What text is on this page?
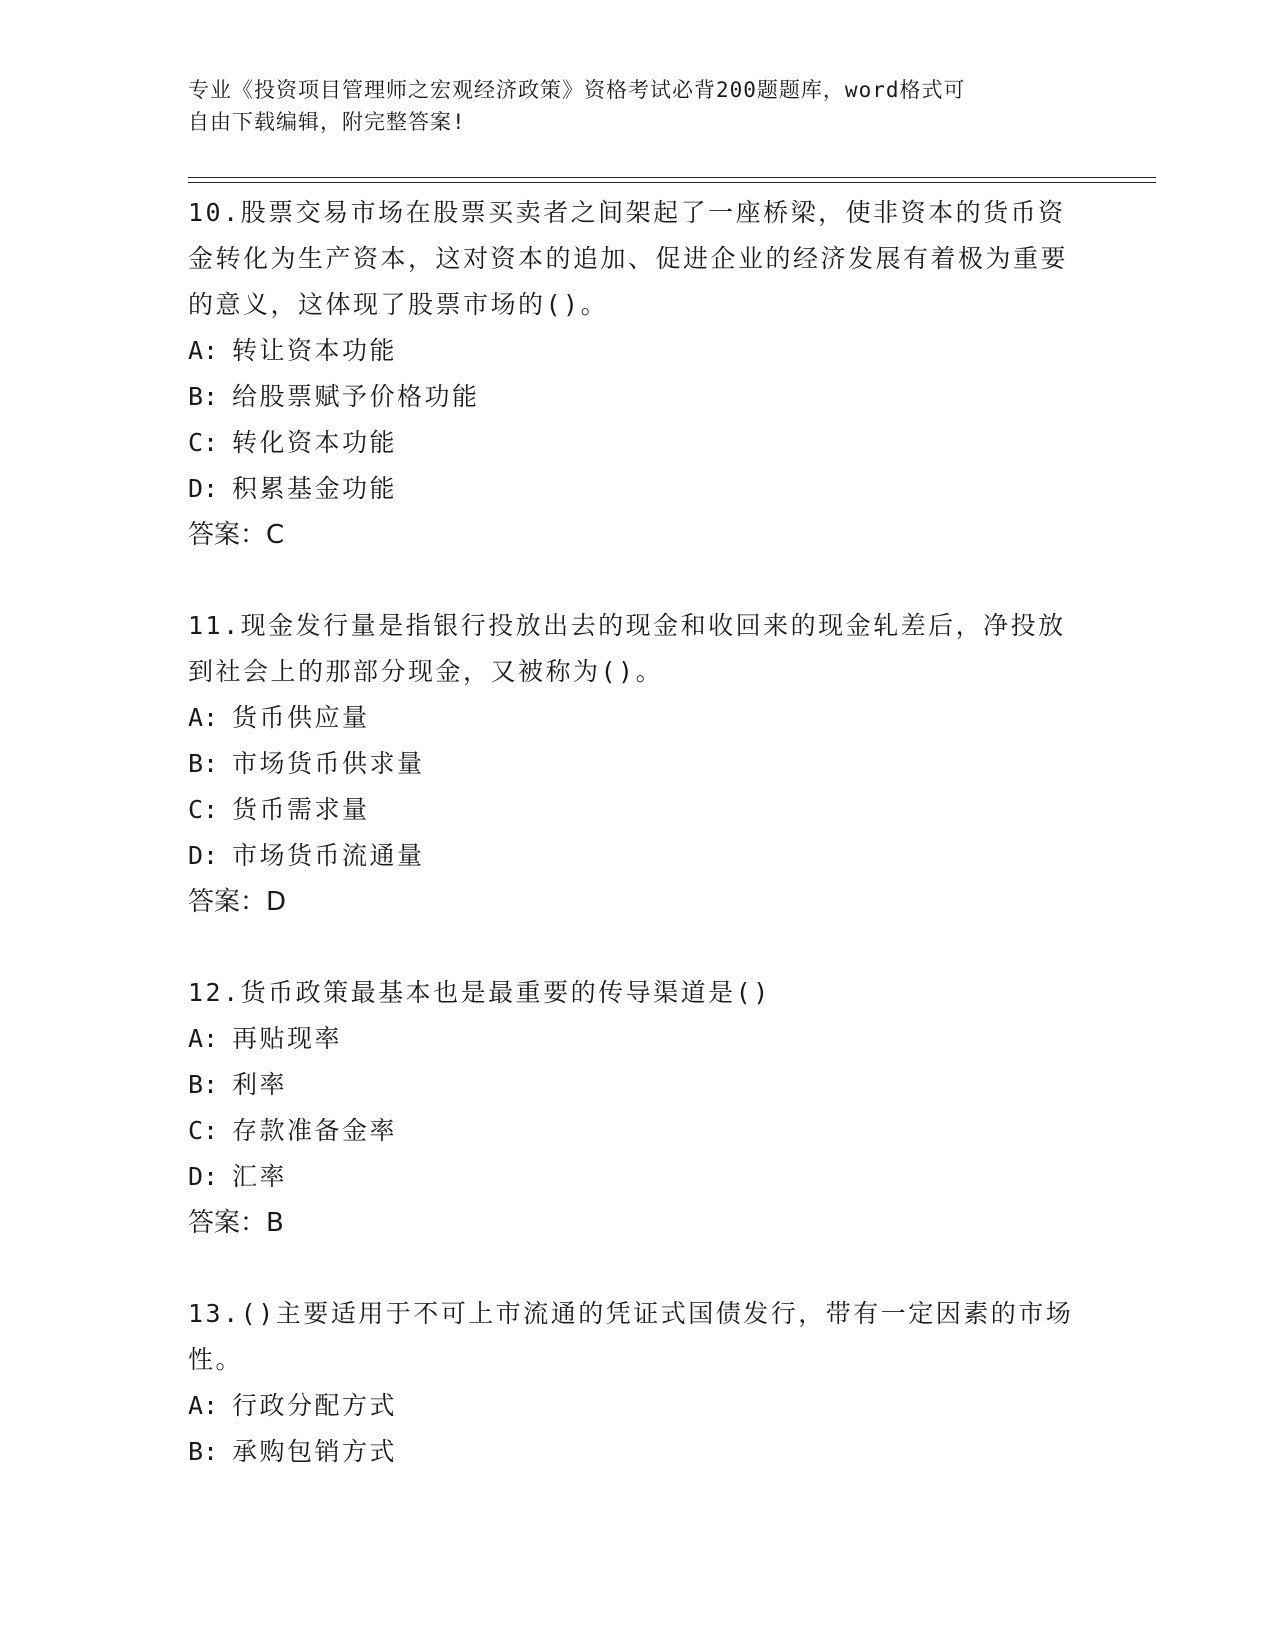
专业《投资项目管理师之宏观经济政策》资格考试必背200题题库，word格式可
自由下载编辑，附完整答案!

10.股票交易市场在股票买卖者之间架起了一座桥梁，使非资本的货币资金转化为生产资本，这对资本的追加、促进企业的经济发展有着极为重要的意义，这体现了股票市场的()。

A: 转让资本功能

B: 给股票赋予价格功能

C: 转化资本功能

D: 积累基金功能

答案：C

11.现金发行量是指银行投放出去的现金和收回来的现金轧差后，净投放到社会上的那部分现金，又被称为()。

A: 货币供应量

B: 市场货币供求量

C: 货币需求量

D: 市场货币流通量

答案：D

12.货币政策最基本也是最重要的传导渠道是()

A: 再贴现率

B: 利率

C: 存款准备金率

D: 汇率

答案：B

13.()主要适用于不可上市流通的凭证式国债发行，带有一定因素的市场性。

A: 行政分配方式

B: 承购包销方式
